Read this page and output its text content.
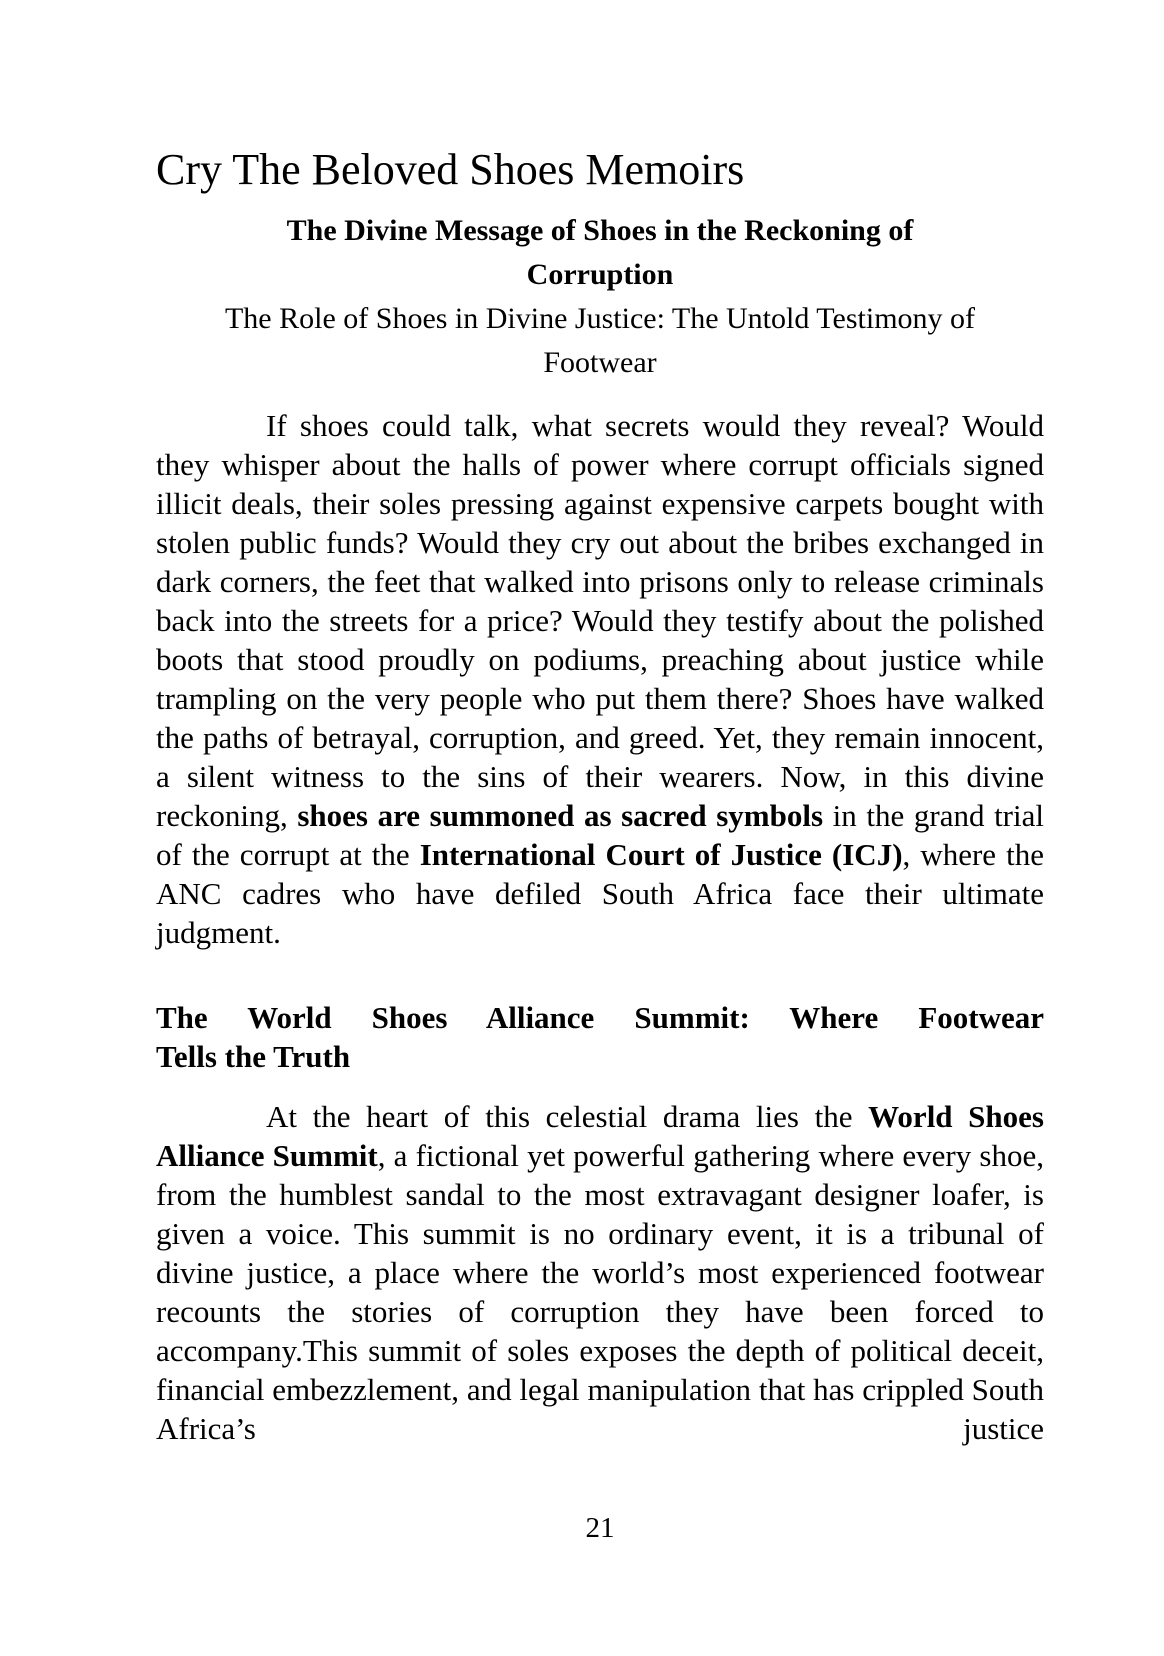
Cry The Beloved Shoes Memoirs
The Divine Message of Shoes in the Reckoning of
Corruption
The Role of Shoes in Divine Justice: The Untold Testimony of
Footwear

If shoes could talk, what secrets would they reveal? Would they whisper about the halls of power where corrupt officials signed illicit deals, their soles pressing against expensive carpets bought with stolen public funds? Would they cry out about the bribes exchanged in dark corners, the feet that walked into prisons only to release criminals back into the streets for a price? Would they testify about the polished boots that stood proudly on podiums, preaching about justice while trampling on the very people who put them there? Shoes have walked the paths of betrayal, corruption, and greed. Yet, they remain innocent, a silent witness to the sins of their wearers. Now, in this divine reckoning, shoes are summoned as sacred symbols in the grand trial of the corrupt at the International Court of Justice (ICJ), where the ANC cadres who have defiled South Africa face their ultimate judgment.

The World Shoes Alliance Summit: Where Footwear
Tells the Truth

At the heart of this celestial drama lies the World Shoes Alliance Summit, a fictional yet powerful gathering where every shoe, from the humblest sandal to the most extravagant designer loafer, is given a voice. This summit is no ordinary event, it is a tribunal of divine justice, a place where the world’s most experienced footwear recounts the stories of corruption they have been forced to accompany.This summit of soles exposes the depth of political deceit, financial embezzlement, and legal manipulation that has crippled South Africa’s justice

21
